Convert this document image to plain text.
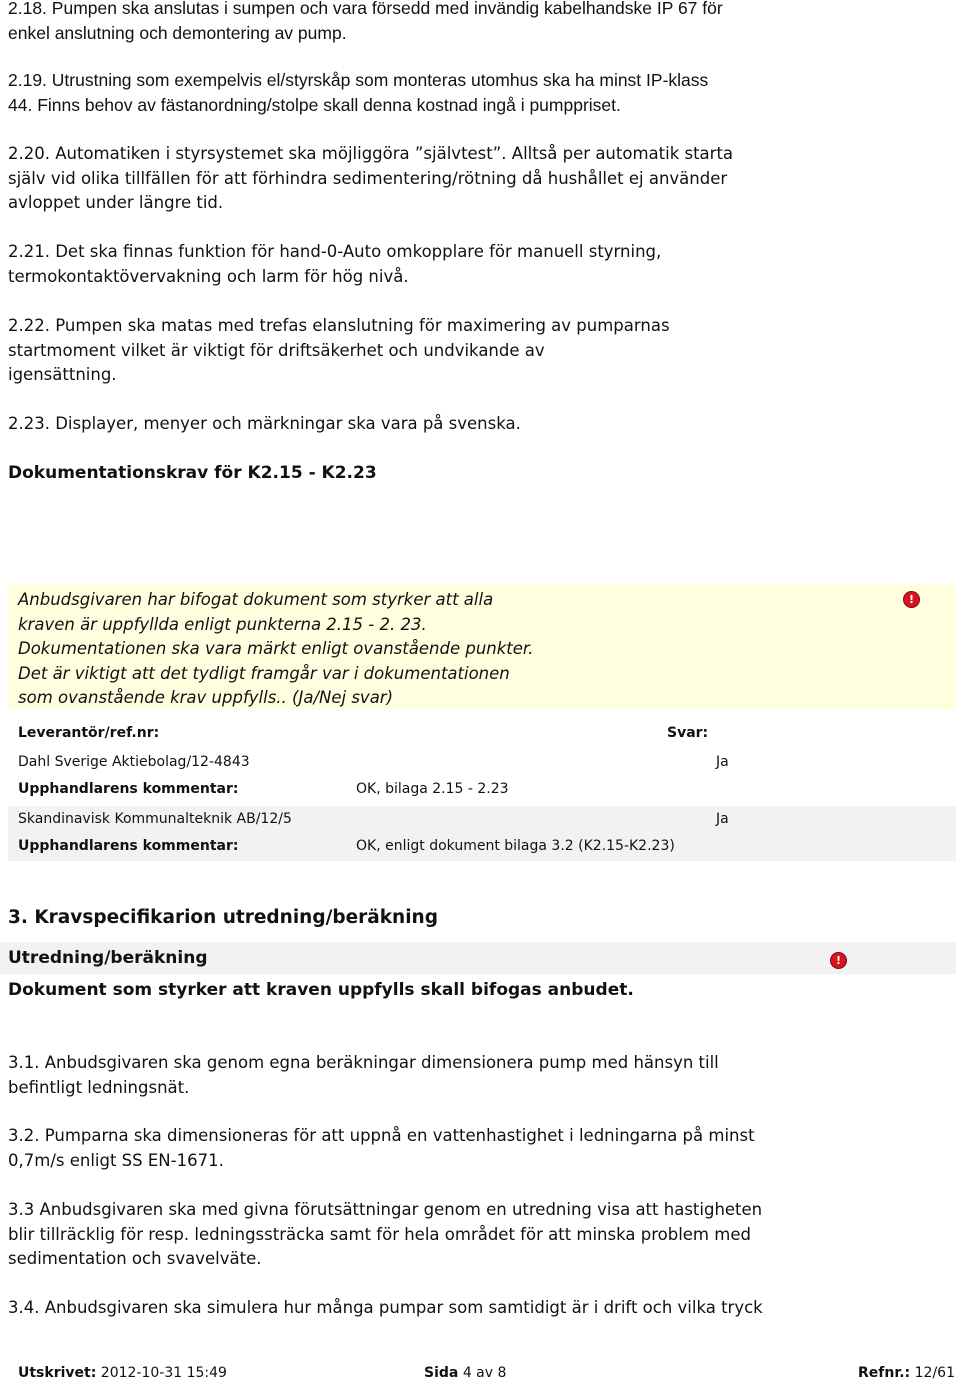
2.18. Pumpen ska anslutas i sumpen och vara försedd med invändig kabelhandske IP 67 för
enkel anslutning och demontering av pump.

2.19. Utrustning som exempelvis el/styrskåp som monteras utomhus ska ha minst IP-klass
44. Finns behov av fästanordning/stolpe skall denna kostnad ingå i pumppriset.

2.20. Automatiken i styrsystemet ska möjliggöra ”självtest”. Alltså per automatik starta
själv vid olika tillfällen för att förhindra sedimentering/rötning då hushållet ej använder
avloppet under längre tid.

2.21. Det ska finnas funktion för hand-0-Auto omkopplare för manuell styrning,
termokontaktövervakning och larm för hög nivå.

2.22. Pumpen ska matas med trefas elanslutning för maximering av pumparnas
startmoment vilket är viktigt för driftsäkerhet och undvikande av
igensättning.

2.23. Displayer, menyer och märkningar ska vara på svenska.

Dokumentationskrav för K2.15 - K2.23

Anbudsgivaren har bifogat dokument som styrker att alla
kraven är uppfyllda enligt punkterna 2.15 - 2. 23.
Dokumentationen ska vara märkt enligt ovanstående punkter.
Det är viktigt att det tydligt framgår var i dokumentationen
som ovanstående krav uppfylls.. (Ja/Nej svar)

!

Leverantör/ref.nr:	Svar:

Dahl Sverige Aktiebolag/12-4843	Ja

Upphandlarens kommentar:	OK, bilaga 2.15 - 2.23

Skandinavisk Kommunalteknik AB/12/5	Ja

Upphandlarens kommentar:	OK, enligt dokument bilaga 3.2 (K2.15-K2.23)

3. Kravspecifikarion utredning/beräkning

Utredning/beräkning	!

Dokument som styrker att kraven uppfylls skall bifogas anbudet.

3.1. Anbudsgivaren ska genom egna beräkningar dimensionera pump med hänsyn till
befintligt ledningsnät.

3.2. Pumparna ska dimensioneras för att uppnå en vattenhastighet i ledningarna på minst
0,7m/s enligt SS EN-1671.

3.3 Anbudsgivaren ska med givna förutsättningar genom en utredning visa att hastigheten
blir tillräcklig för resp. ledningssträcka samt för hela området för att minska problem med
sedimentation och svavelväte.

3.4. Anbudsgivaren ska simulera hur många pumpar som samtidigt är i drift och vilka tryck

Utskrivet: 2012-10-31 15:49	Sida 4 av 8	Refnr.: 12/61
